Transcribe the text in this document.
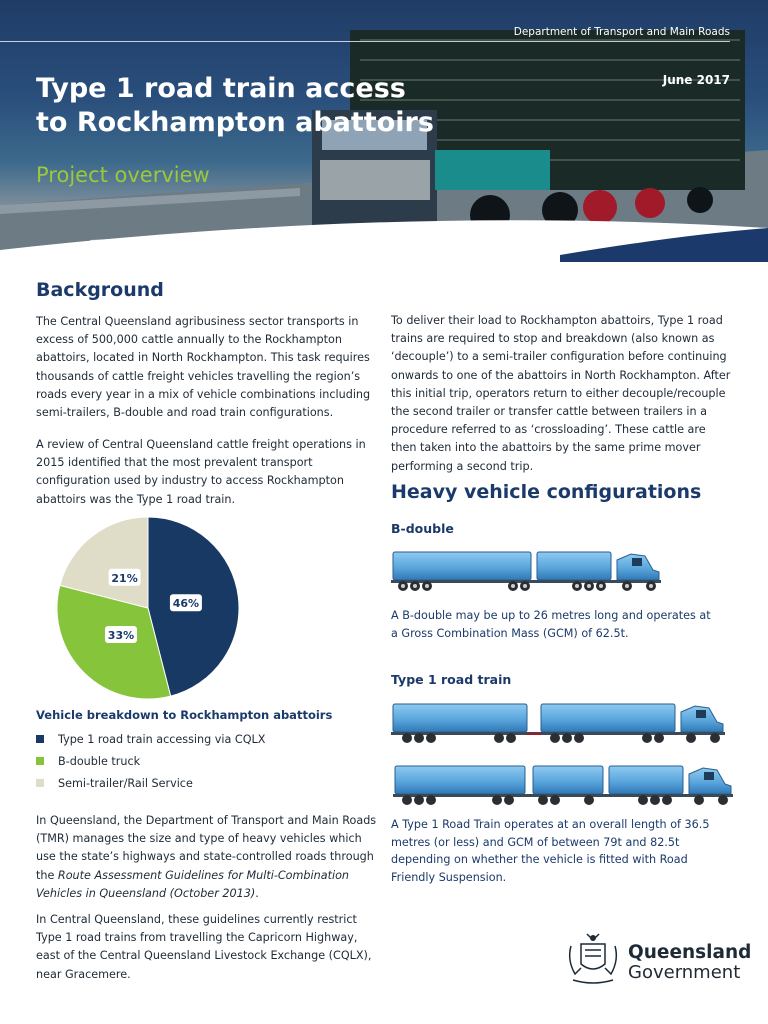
Department of Transport and Main Roads
June 2017
Type 1 road train access
to Rockhampton abattoirs
Project overview
Background

The Central Queensland agribusiness sector transports in excess of 500,000 cattle annually to the Rockhampton abattoirs, located in North Rockhampton. This task requires thousands of cattle freight vehicles travelling the region’s roads every year in a mix of vehicle combinations including semi-trailers, B-double and road train configurations.

A review of Central Queensland cattle freight operations in 2015 identified that the most prevalent transport configuration used by industry to access Rockhampton abattoirs was the Type 1 road train.

To deliver their load to Rockhampton abattoirs, Type 1 road trains are required to stop and breakdown (also known as ‘decouple’) to a semi-trailer configuration before continuing onwards to one of the abattoirs in North Rockhampton. After this initial trip, operators return to either decouple/recouple the second trailer or transfer cattle between trailers in a procedure referred to as ‘crossloading’. These cattle are then taken into the abattoirs by the same prime mover performing a second trip.

46%
33%
21%
Vehicle breakdown to Rockhampton abattoirs
Type 1 road train accessing via CQLX
B-double truck
Semi-trailer/Rail Service

In Queensland, the Department of Transport and Main Roads (TMR) manages the size and type of heavy vehicles which use the state’s highways and state-controlled roads through the Route Assessment Guidelines for Multi-Combination Vehicles in Queensland (October 2013).

In Central Queensland, these guidelines currently restrict Type 1 road trains from travelling the Capricorn Highway, east of the Central Queensland Livestock Exchange (CQLX), near Gracemere.

Heavy vehicle configurations
B-double

A B-double may be up to 26 metres long and operates at a Gross Combination Mass (GCM) of 62.5t.

Type 1 road train

A Type 1 Road Train operates at an overall length of 36.5 metres (or less) and GCM of between 79t and 82.5t depending on whether the vehicle is fitted with Road Friendly Suspension.

Queensland
Government
